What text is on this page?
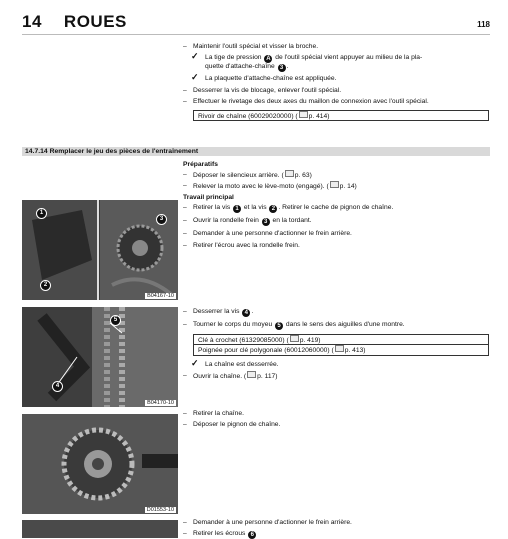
14 ROUES	118
– Maintenir l'outil spécial et visser la broche.
✓ La tige de pression A de l'outil spécial vient appuyer au milieu de la pla-
quette d'attache-chaîne 3 .
✓ La plaquette d'attache-chaîne est appliquée.
– Desserrer la vis de blocage, enlever l'outil spécial.
– Effectuer le rivetage des deux axes du maillon de connexion avec l'outil spécial.
Rivoir de chaîne (60029020000) ( p. 414)
14.7.14 Remplacer le jeu des pièces de l'entraînement
Préparatifs
– Déposer le silencieux arrière. ( p. 63)
– Relever la moto avec le lève-moto (engagé). ( p. 14)
Travail principal
– Retirer la vis 1 et la vis 2 . Retirer le cache de pignon de chaîne.
– Ouvrir la rondelle frein 3 en la tordant.
– Demander à une personne d'actionner le frein arrière.
– Retirer l'écrou avec la rondelle frein.
– Desserrer la vis 4 .
– Tourner le corps du moyeu 5 dans le sens des aiguilles d'une montre.
Clé à crochet (61329085000) ( p. 419)
Poignée pour clé polygonale (60012060000) ( p. 413)
✓ La chaîne est desserrée.
– Ouvrir la chaîne. ( p. 117)
– Retirer la chaîne.
– Déposer le pignon de chaîne.
– Demander à une personne d'actionner le frein arrière.
– Retirer les écrous 6
1
3
2
B04167-10
5
4
B04170-10
D01553-10
